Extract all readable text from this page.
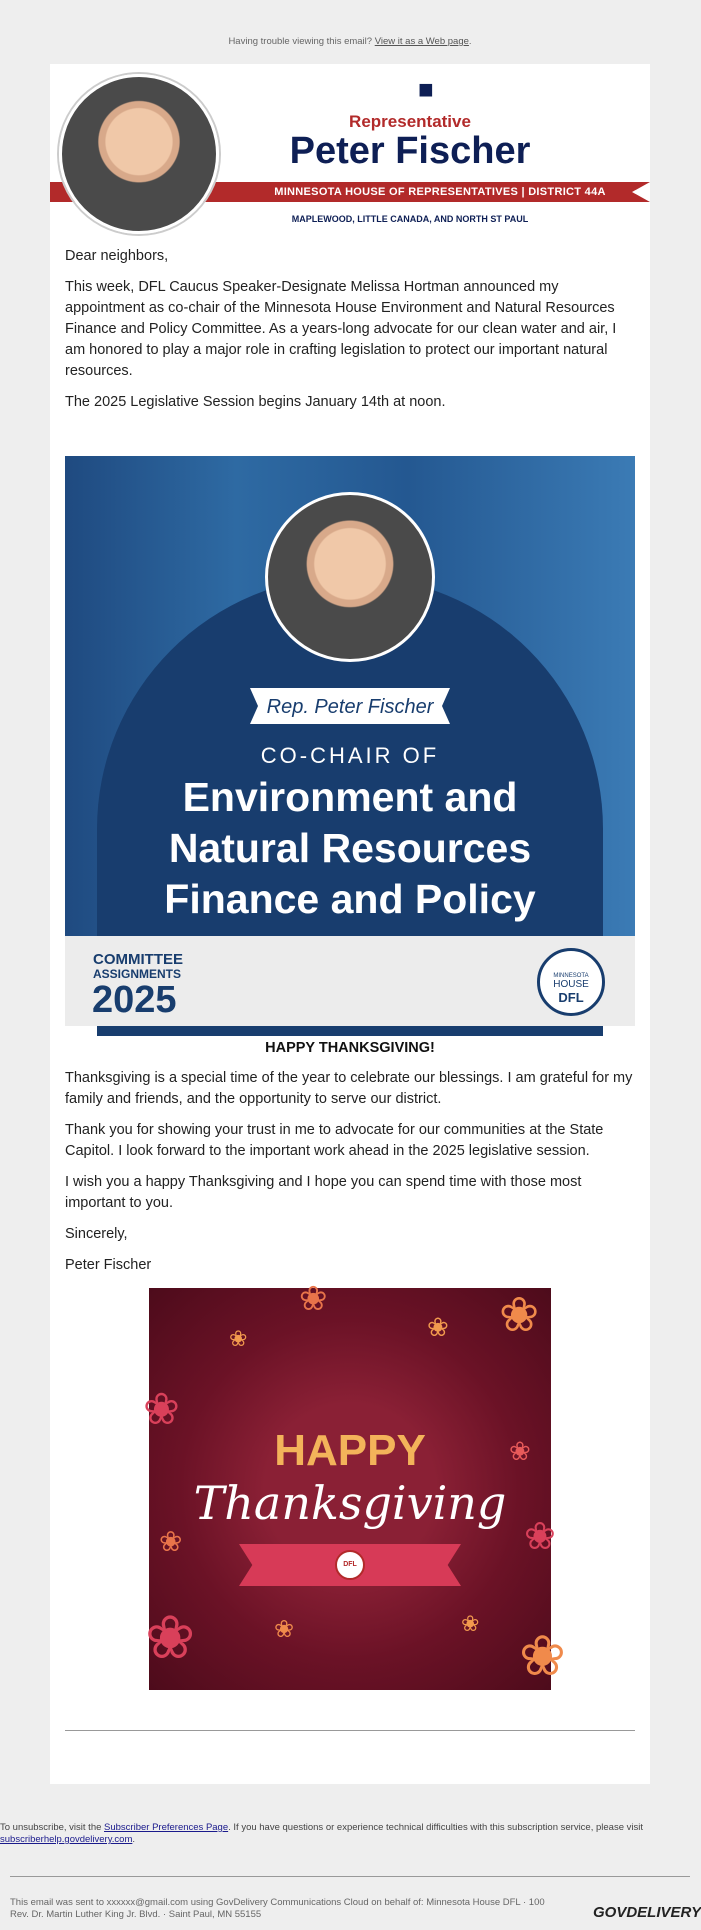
Having trouble viewing this email? View it as a Web page.
MINNESOTA HOUSE OF REPRESENTATIVES | DISTRICT 44A
■
Representative
Peter Fischer
MAPLEWOOD, LITTLE CANADA, AND NORTH ST PAUL

Dear neighbors,

This week, DFL Caucus Speaker-Designate Melissa Hortman announced my appointment as co-chair of the Minnesota House Environment and Natural Resources Finance and Policy Committee. As a years-long advocate for our clean water and air, I am honored to play a major role in crafting legislation to protect our important natural resources.

The 2025 Legislative Session begins January 14th at noon.

Rep. Peter Fischer
CO-CHAIR OF
Environment and
Natural Resources
Finance and Policy
COMMITTEE
ASSIGNMENTS
2025
MINNESOTA
HOUSE
DFL
HAPPY THANKSGIVING!

Thanksgiving is a special time of the year to celebrate our blessings. I am grateful for my family and friends, and the opportunity to serve our district.

Thank you for showing your trust in me to advocate for our communities at the State Capitol. I look forward to the important work ahead in the 2025 legislative session.

I wish you a happy Thanksgiving and I hope you can spend time with those most important to you.

Sincerely,

Peter Fischer

❀	❀
❀
❀
❀
❀
❀
❀
❀	❀	❀
❀
HAPPY
Thanksgiving
DFL
To unsubscribe, visit the Subscriber Preferences Page. If you have questions or experience technical difficulties with this subscription service, please visit subscriberhelp.govdelivery.com.
This email was sent to xxxxxx@gmail.com using GovDelivery Communications Cloud on behalf of: Minnesota House DFL · 100
Rev. Dr. Martin Luther King Jr. Blvd. · Saint Paul, MN 55155	GOVDELIVERY
